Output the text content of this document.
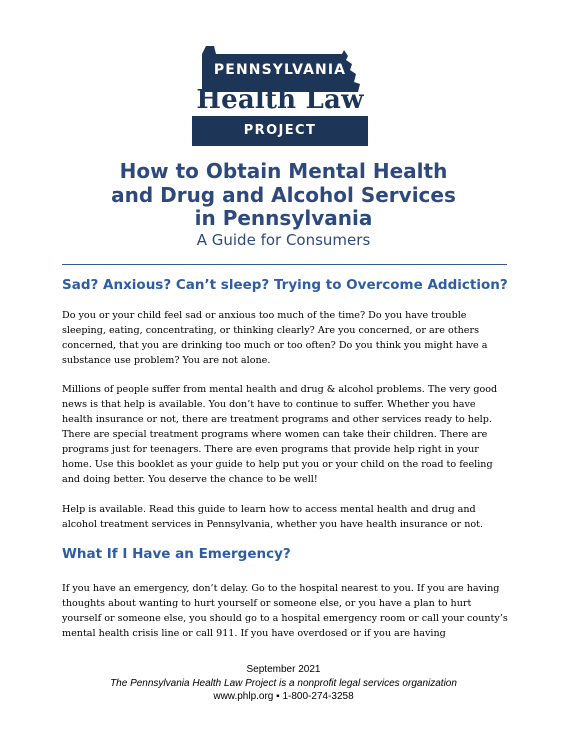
PENNSYLVANIA
Health Law
PROJECT
How to Obtain Mental Health
and Drug and Alcohol Services
in Pennsylvania
A Guide for Consumers
Sad? Anxious? Can’t sleep? Trying to Overcome Addiction?
Do you or your child feel sad or anxious too much of the time? Do you have trouble sleeping, eating, concentrating, or thinking clearly? Are you concerned, or are others concerned, that you are drinking too much or too often? Do you think you might have a substance use problem? You are not alone.
Millions of people suffer from mental health and drug & alcohol problems. The very good news is that help is available. You don’t have to continue to suffer. Whether you have health insurance or not, there are treatment programs and other services ready to help. There are special treatment programs where women can take their children. There are programs just for teenagers. There are even programs that provide help right in your home. Use this booklet as your guide to help put you or your child on the road to feeling and doing better. You deserve the chance to be well!
Help is available. Read this guide to learn how to access mental health and drug and alcohol treatment services in Pennsylvania, whether you have health insurance or not.
What If I Have an Emergency?
If you have an emergency, don’t delay. Go to the hospital nearest to you. If you are having thoughts about wanting to hurt yourself or someone else, or you have a plan to hurt yourself or someone else, you should go to a hospital emergency room or call your county’s mental health crisis line or call 911. If you have overdosed or if you are having
September 2021
The Pennsylvania Health Law Project is a nonprofit legal services organization
www.phlp.org ▪ 1-800-274-3258
